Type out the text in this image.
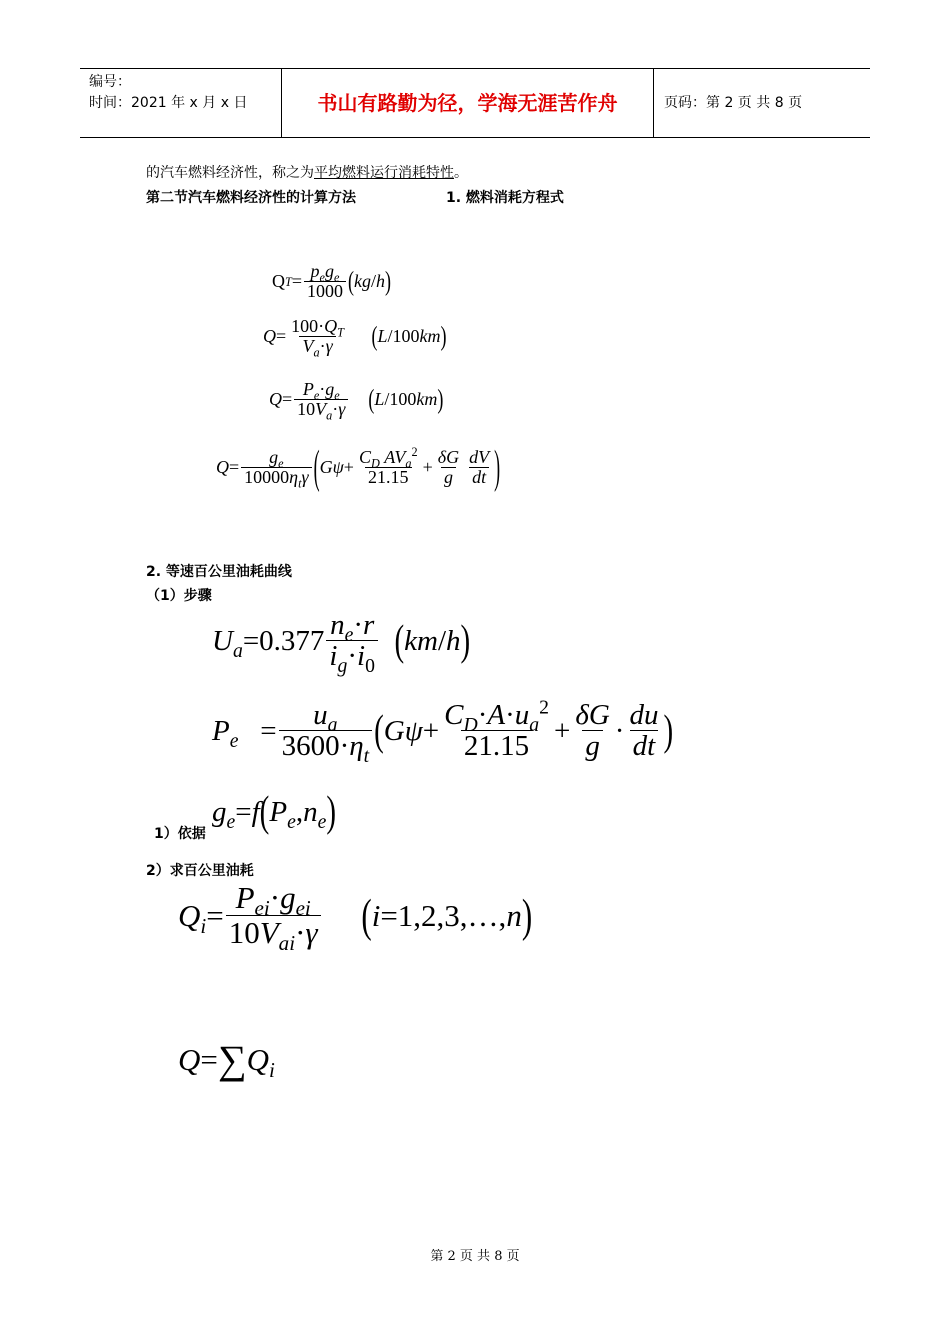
编号：
时间：2021 年 x 月 x 日	书山有路勤为径，学海无涯苦作舟	页码：第 2 页 共 8 页
的汽车燃料经济性，称之为平均燃料运行消耗特性。
第二节汽车燃料经济性的计算方法	1. 燃料消耗方程式
Q $T = \frac{p_eg_e}{1000}$ ( kg / h )
$Q = \frac{100\cdot Q_T}{V_a\cdot\gamma}$
( L /100 km )
$Q = \frac{P_e\cdot g_e}{10V_a\cdot\gamma}$
( L /100 km )
$Q = \frac{g_e}{10000\eta_t\gamma}$ ( $G\psi + \frac{C_D AV_a^2}{21.15} + \frac{\delta G}{g} \frac{dV}{dt}$ )
2. 等速百公里油耗曲线
（1）步骤
$U_a =0.377 \frac{n_e\cdot r}{i_g\cdot i_0}$
( km / h )
$P_e = \frac{u_a}{3600\cdot\eta_t}$ ( $G\psi + \frac{C_D\cdot A\cdot u_a^2}{21.15} + \frac{\delta G}{g} \cdot \frac{du}{dt}$ )
1）依据
$g_e = f$ ( $P_e$ , $n_e$ )
2）求百公里油耗
$Q_i = \frac{P_{ei}\cdot g_{ei}}{10V_{ai}\cdot\gamma}$
( i =1,2,3,…, n )
Q = ∑ $Q_i$
第 2 页 共 8 页
